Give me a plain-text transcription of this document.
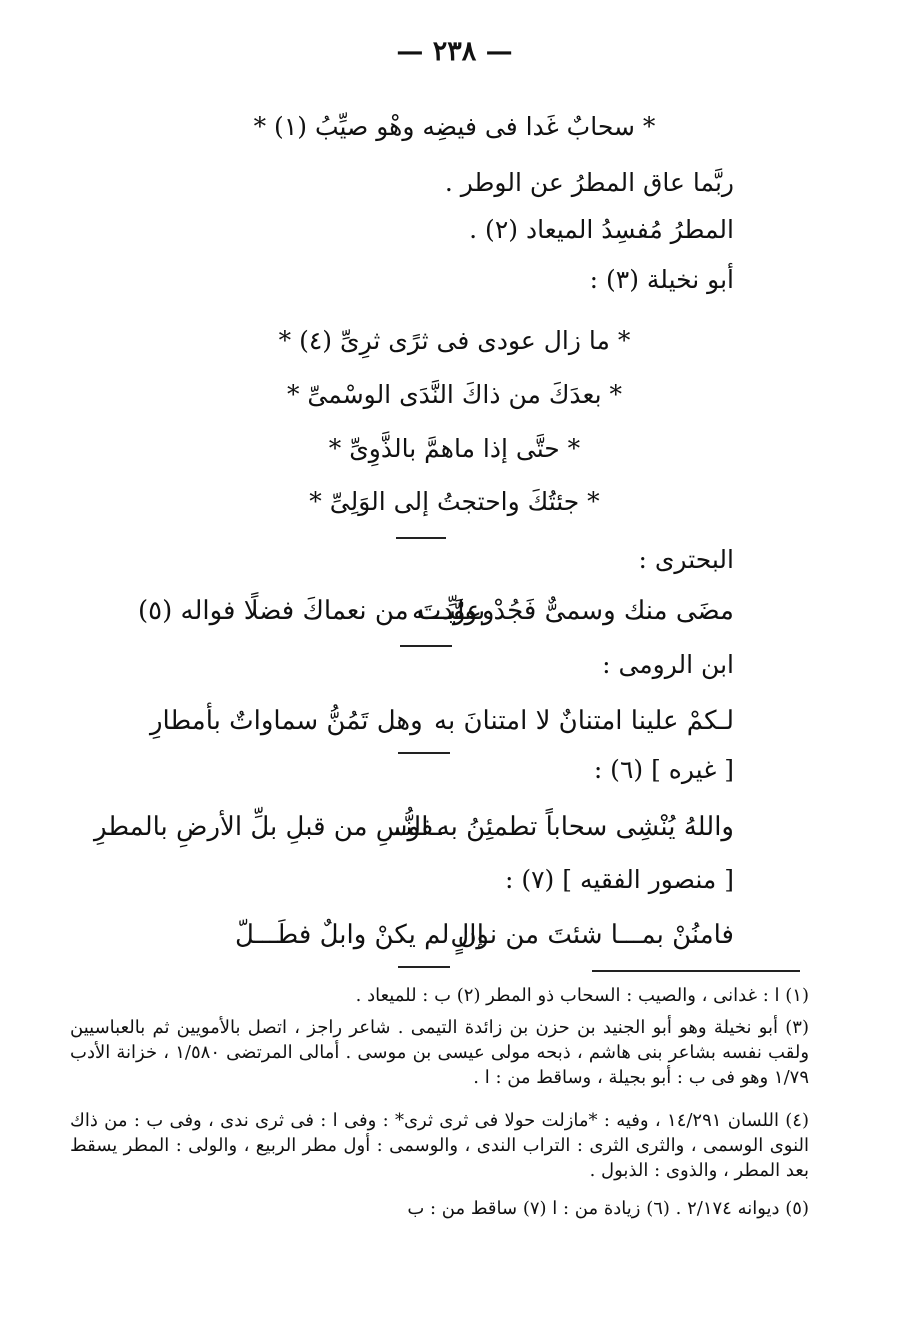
— ٢٣٨ —
* سحابٌ غَدا فى فيضِه وهْو صيِّبُ (١) *
ربَّما عاق المطرُ عن الوطر .
المطرُ مُفسِدُ الميعاد (٢) .
أبو نخيلة (٣) :
* ما زال عودى فى ثرًى ثرِىِّ (٤) *
* بعدَكَ من ذاكَ النَّدَى الوسْمىِّ *
* حتَّى إذا ماهمَّ بالذَّوِىِّ *
* جئتُكَ واحتجتُ إلى الوَلِىِّ *
البحترى :
مضَى منك وسمىٌّ فَجُدْ بوليِّـــه
وعوَّدتَ من نعماكَ فضلًا فواله (٥)
ابن الرومى :
لـكمْ علينا امتنانٌ لا امتنانَ به
وهل تَمُنُّ سماواتٌ بأمطارِ
[ غيره ] (٦) :
واللهُ يُنْشِى سحاباً تطمئِنُ به النُّــ
ـفوسِ من قبلِ بلِّ الأرضِ بالمطرِ
[ منصور الفقيه ] (٧) :
فامنُنْ بمـــا شئتَ من نوالٍ
إن لم يكنْ وابلٌ فطَـــلّ
(١) ا : غدانى ، والصيب : السحاب ذو المطر (٢) ب : للميعاد .
(٣) أبو نخيلة وهو أبو الجنيد بن حزن بن زائدة التيمى . شاعر راجز ، اتصل بالأمويين ثم بالعباسيين ولقب نفسه بشاعر بنى هاشم ، ذبحه مولى عيسى بن موسى . أمالى المرتضى ١/٥٨٠ ، خزانة الأدب ١/٧٩ وهو فى ب : أبو بجيلة ، وساقط من : ا .
(٤) اللسان ١٤/٢٩١ ، وفيه : *مازلت حولا فى ثرى ثرى* : وفى ا : فى ثرى ندى ، وفى ب : من ذاك النوى الوسمى ، والثرى الثرى : التراب الندى ، والوسمى : أول مطر الربيع ، والولى : المطر يسقط بعد المطر ، والذوى : الذبول .
(٥) ديوانه ٢/١٧٤ . (٦) زيادة من : ا (٧) ساقط من : ب
